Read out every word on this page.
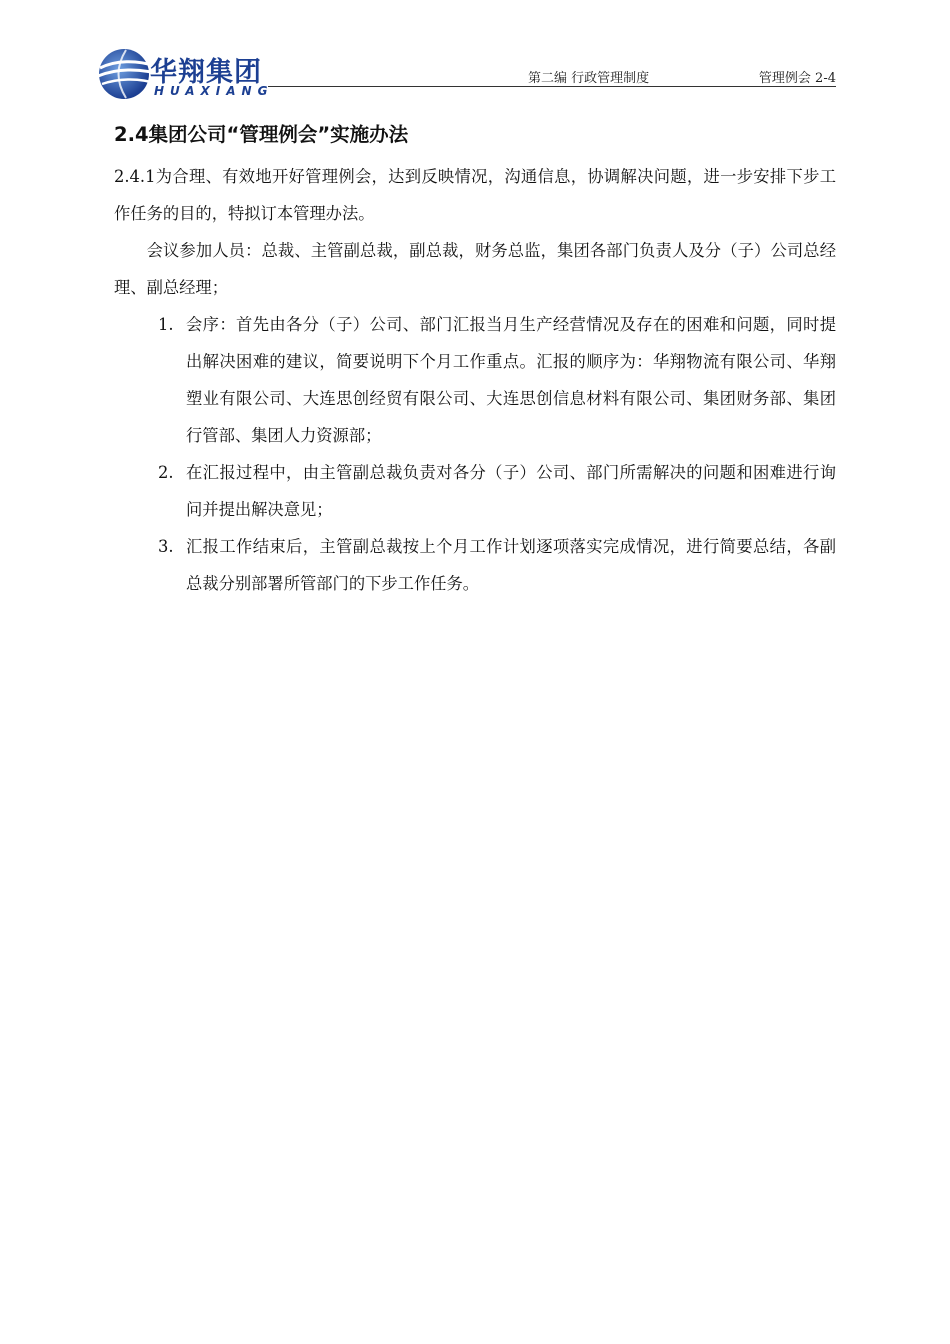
华翔集团
HUAXIANG
第二编 行政管理制度	管理例会 2-4
2.4集团公司“管理例会”实施办法

2.4.1为合理、有效地开好管理例会，达到反映情况，沟通信息，协调解决问题，进一步安排下步工作任务的目的，特拟订本管理办法。

会议参加人员：总裁、主管副总裁，副总裁，财务总监，集团各部门负责人及分（子）公司总经理、副总经理；

1. 会序：首先由各分（子）公司、部门汇报当月生产经营情况及存在的困难和问题，同时提出解决困难的建议，简要说明下个月工作重点。汇报的顺序为：华翔物流有限公司、华翔塑业有限公司、大连思创经贸有限公司、大连思创信息材料有限公司、集团财务部、集团行管部、集团人力资源部；
2. 在汇报过程中，由主管副总裁负责对各分（子）公司、部门所需解决的问题和困难进行询问并提出解决意见；
3. 汇报工作结束后，主管副总裁按上个月工作计划逐项落实完成情况，进行简要总结，各副总裁分别部署所管部门的下步工作任务。
